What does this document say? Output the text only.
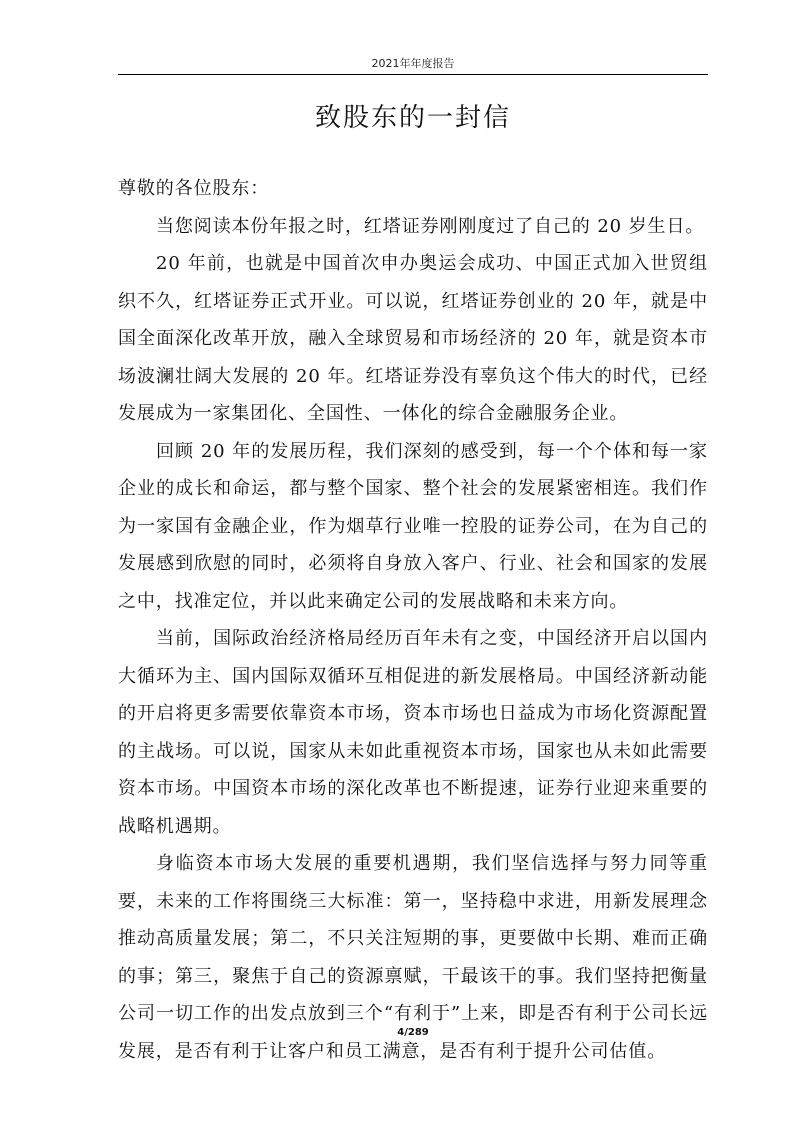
2021年年度报告
致股东的一封信

尊敬的各位股东：

当您阅读本份年报之时，红塔证券刚刚度过了自己的 20 岁生日。

20 年前，也就是中国首次申办奥运会成功、中国正式加入世贸组织不久，红塔证券正式开业。可以说，红塔证券创业的 20 年，就是中国全面深化改革开放，融入全球贸易和市场经济的 20 年，就是资本市场波澜壮阔大发展的 20 年。红塔证券没有辜负这个伟大的时代，已经发展成为一家集团化、全国性、一体化的综合金融服务企业。

回顾 20 年的发展历程，我们深刻的感受到，每一个个体和每一家企业的成长和命运，都与整个国家、整个社会的发展紧密相连。我们作为一家国有金融企业，作为烟草行业唯一控股的证券公司，在为自己的发展感到欣慰的同时，必须将自身放入客户、行业、社会和国家的发展之中，找准定位，并以此来确定公司的发展战略和未来方向。

当前，国际政治经济格局经历百年未有之变，中国经济开启以国内大循环为主、国内国际双循环互相促进的新发展格局。中国经济新动能的开启将更多需要依靠资本市场，资本市场也日益成为市场化资源配置的主战场。可以说，国家从未如此重视资本市场，国家也从未如此需要资本市场。中国资本市场的深化改革也不断提速，证券行业迎来重要的战略机遇期。

身临资本市场大发展的重要机遇期，我们坚信选择与努力同等重要，未来的工作将围绕三大标准：第一，坚持稳中求进，用新发展理念推动高质量发展；第二，不只关注短期的事，更要做中长期、难而正确的事；第三，聚焦于自己的资源禀赋，干最该干的事。我们坚持把衡量公司一切工作的出发点放到三个“有利于”上来，即是否有利于公司长远发展，是否有利于让客户和员工满意，是否有利于提升公司估值。

4/289
